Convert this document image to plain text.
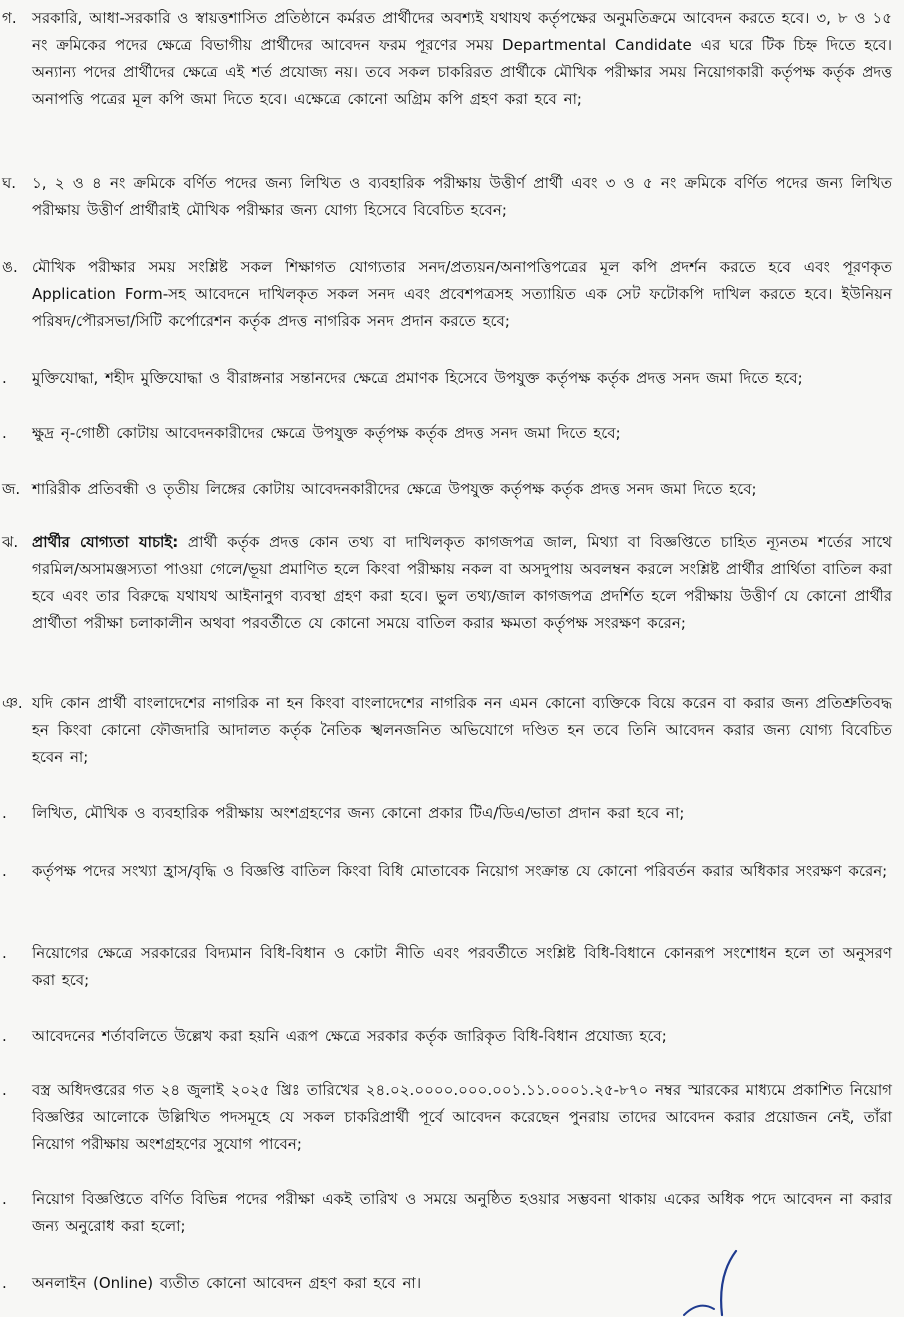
গ.	সরকারি, আধা-সরকারি ও স্বায়ত্তশাসিত প্রতিষ্ঠানে কর্মরত প্রার্থীদের অবশ্যই যথাযথ কর্তৃপক্ষের অনুমতিক্রমে আবেদন করতে হবে। ৩, ৮ ও ১৫ নং ক্রমিকের পদের ক্ষেত্রে বিভাগীয় প্রার্থীদের আবেদন ফরম পূরণের সময় Departmental Candidate এর ঘরে টিক চিহ্ন দিতে হবে। অন্যান্য পদের প্রার্থীদের ক্ষেত্রে এই শর্ত প্রযোজ্য নয়। তবে সকল চাকরিরত প্রার্থীকে মৌখিক পরীক্ষার সময় নিয়োগকারী কর্তৃপক্ষ কর্তৃক প্রদত্ত অনাপত্তি পত্রের মূল কপি জমা দিতে হবে। এক্ষেত্রে কোনো অগ্রিম কপি গ্রহণ করা হবে না;
ঘ.	১, ২ ও ৪ নং ক্রমিকে বর্ণিত পদের জন্য লিখিত ও ব্যবহারিক পরীক্ষায় উত্তীর্ণ প্রার্থী এবং ৩ ও ৫ নং ক্রমিকে বর্ণিত পদের জন্য লিখিত পরীক্ষায় উত্তীর্ণ প্রার্থীরাই মৌখিক পরীক্ষার জন্য যোগ্য হিসেবে বিবেচিত হবেন;
ঙ. মৌখিক পরীক্ষার সময় সংশ্লিষ্ট সকল শিক্ষাগত যোগ্যতার সনদ/প্রত্যয়ন/অনাপত্তিপত্রের মূল কপি প্রদর্শন করতে হবে এবং পূরণকৃত Application Form-সহ আবেদনে দাখিলকৃত সকল সনদ এবং প্রবেশপত্রসহ সত্যায়িত এক সেট ফটোকপি দাখিল করতে হবে। ইউনিয়ন পরিষদ/পৌরসভা/সিটি কর্পোরেশন কর্তৃক প্রদত্ত নাগরিক সনদ প্রদান করতে হবে;
.	মুক্তিযোদ্ধা, শহীদ মুক্তিযোদ্ধা ও বীরাঙ্গনার সন্তানদের ক্ষেত্রে প্রমাণক হিসেবে উপযুক্ত কর্তৃপক্ষ কর্তৃক প্রদত্ত সনদ জমা দিতে হবে;
.	ক্ষুদ্র নৃ-গোষ্ঠী কোটায় আবেদনকারীদের ক্ষেত্রে উপযুক্ত কর্তৃপক্ষ কর্তৃক প্রদত্ত সনদ জমা দিতে হবে;
জ. শারিরীক প্রতিবন্ধী ও তৃতীয় লিঙ্গের কোটায় আবেদনকারীদের ক্ষেত্রে উপযুক্ত কর্তৃপক্ষ কর্তৃক প্রদত্ত সনদ জমা দিতে হবে;
ঝ. প্রার্থীর যোগ্যতা যাচাই: প্রার্থী কর্তৃক প্রদত্ত কোন তথ্য বা দাখিলকৃত কাগজপত্র জাল, মিথ্যা বা বিজ্ঞপ্তিতে চাহিত ন্যূনতম শর্তের সাথে গরমিল/অসামঞ্জস্যতা পাওয়া গেলে/ভূয়া প্রমাণিত হলে কিংবা পরীক্ষায় নকল বা অসদুপায় অবলম্বন করলে সংশ্লিষ্ট প্রার্থীর প্রার্থিতা বাতিল করা হবে এবং তার বিরুদ্ধে যথাযথ আইনানুগ ব্যবস্থা গ্রহণ করা হবে। ভুল তথ্য/জাল কাগজপত্র প্রদর্শিত হলে পরীক্ষায় উত্তীর্ণ যে কোনো প্রার্থীর প্রার্থীতা পরীক্ষা চলাকালীন অথবা পরবর্তীতে যে কোনো সময়ে বাতিল করার ক্ষমতা কর্তৃপক্ষ সংরক্ষণ করেন;
ঞ. যদি কোন প্রার্থী বাংলাদেশের নাগরিক না হন কিংবা বাংলাদেশের নাগরিক নন এমন কোনো ব্যক্তিকে বিয়ে করেন বা করার জন্য প্রতিশ্রুতিবদ্ধ হন কিংবা কোনো ফৌজদারি আদালত কর্তৃক নৈতিক স্খলনজনিত অভিযোগে দণ্ডিত হন তবে তিনি আবেদন করার জন্য যোগ্য বিবেচিত হবেন না;
.	লিখিত, মৌখিক ও ব্যবহারিক পরীক্ষায় অংশগ্রহণের জন্য কোনো প্রকার টিএ/ডিএ/ভাতা প্রদান করা হবে না;
.	কর্তৃপক্ষ পদের সংখ্যা হ্রাস/বৃদ্ধি ও বিজ্ঞপ্তি বাতিল কিংবা বিধি মোতাবেক নিয়োগ সংক্রান্ত যে কোনো পরিবর্তন করার অধিকার সংরক্ষণ করেন;
.	নিয়োগের ক্ষেত্রে সরকারের বিদ্যমান বিধি-বিধান ও কোটা নীতি এবং পরবর্তীতে সংশ্লিষ্ট বিধি-বিধানে কোনরূপ সংশোধন হলে তা অনুসরণ করা হবে;
.	আবেদনের শর্তাবলিতে উল্লেখ করা হয়নি এরূপ ক্ষেত্রে সরকার কর্তৃক জারিকৃত বিধি-বিধান প্রযোজ্য হবে;
.	বস্ত্র অধিদপ্তরের গত ২৪ জুলাই ২০২৫ খ্রিঃ তারিখের ২৪.০২.০০০০.০০০.০০১.১১.০০০১.২৫-৮৭০ নম্বর স্মারকের মাধ্যমে প্রকাশিত নিয়োগ বিজ্ঞপ্তির আলোকে উল্লিখিত পদসমূহে যে সকল চাকরিপ্রার্থী পূর্বে আবেদন করেছেন পুনরায় তাদের আবেদন করার প্রয়োজন নেই, তাঁরা নিয়োগ পরীক্ষায় অংশগ্রহণের সুযোগ পাবেন;
.	নিয়োগ বিজ্ঞপ্তিতে বর্ণিত বিভিন্ন পদের পরীক্ষা একই তারিখ ও সময়ে অনুষ্ঠিত হওয়ার সম্ভবনা থাকায় একের অধিক পদে আবেদন না করার জন্য অনুরোধ করা হলো;
.	অনলাইন (Online) ব্যতীত কোনো আবেদন গ্রহণ করা হবে না।
